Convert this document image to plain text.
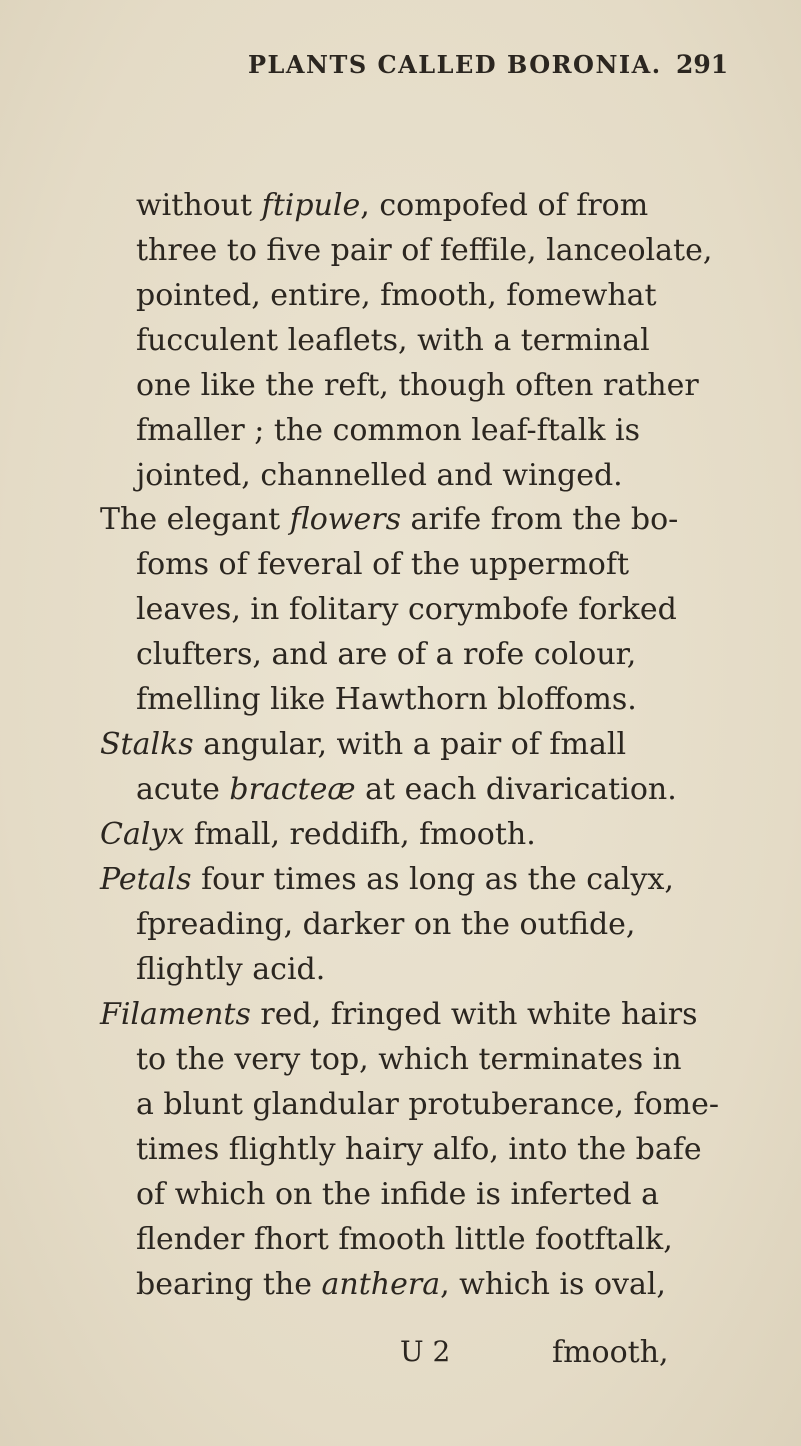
PLANTS CALLED BORONIA. 291
without ftipule, compofed of from
three to five pair of feffile, lanceolate,
pointed, entire, fmooth, fomewhat
fucculent leaflets, with a terminal
one like the reft, though often rather
fmaller ; the common leaf-ftalk is
jointed, channelled and winged.
The elegant flowers arife from the bo-
foms of feveral of the uppermoft
leaves, in folitary corymbofe forked
clufters, and are of a rofe colour,
fmelling like Hawthorn bloffoms.
Stalks angular, with a pair of fmall
acute bracteæ at each divarication.
Calyx fmall, reddifh, fmooth.
Petals four times as long as the calyx,
fpreading, darker on the outfide,
flightly acid.
Filaments red, fringed with white hairs
to the very top, which terminates in
a blunt glandular protuberance, fome-
times flightly hairy alfo, into the bafe
of which on the infide is inferted a
flender fhort fmooth little footftalk,
bearing the anthera, which is oval,
U 2	fmooth,
